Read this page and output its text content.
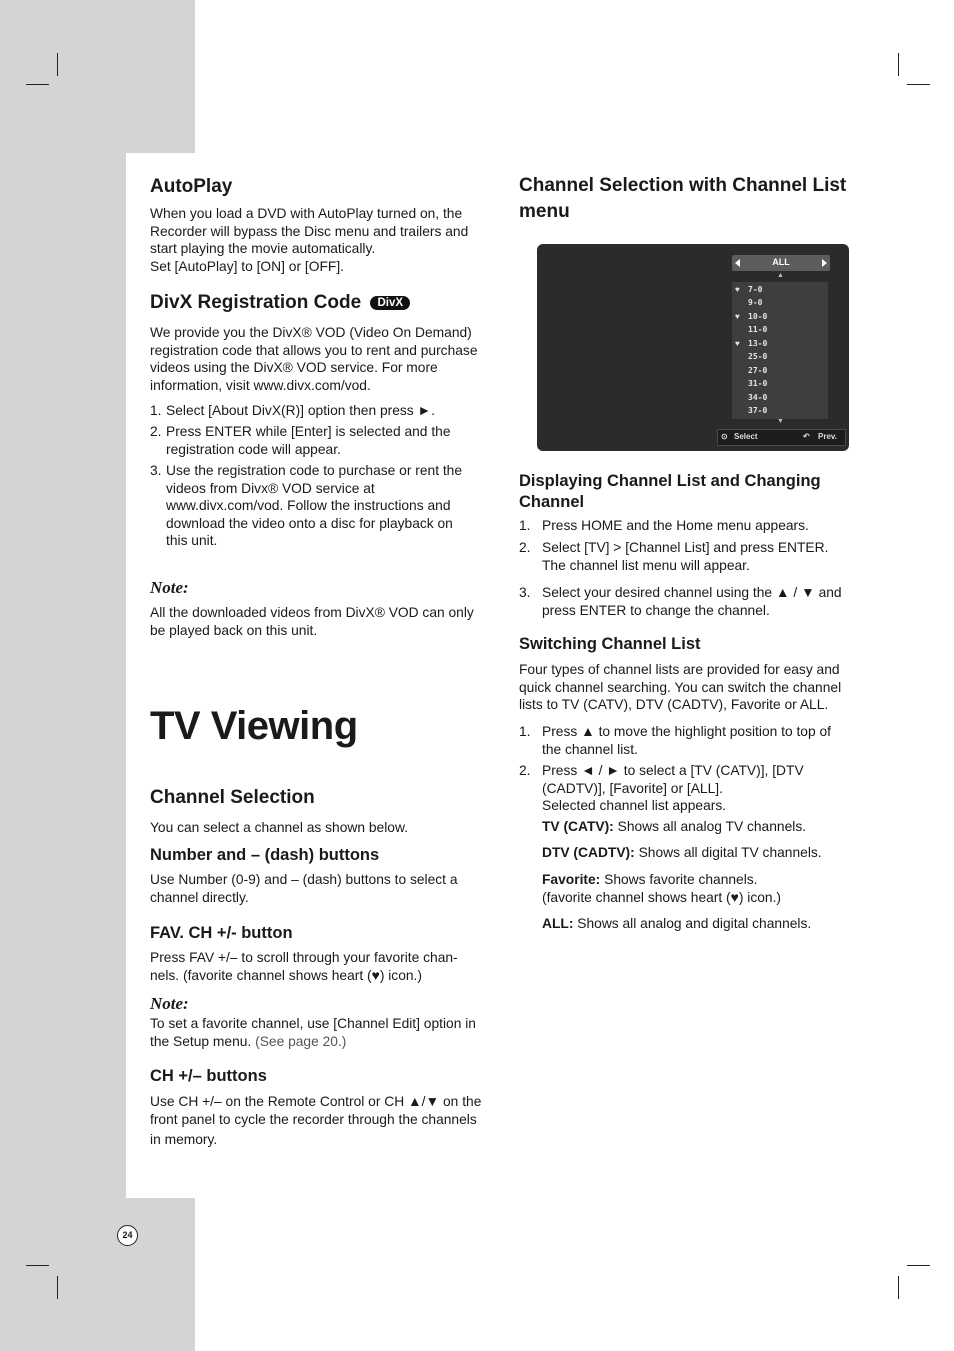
AutoPlay
When you load a DVD with AutoPlay turned on, the
Recorder will bypass the Disc menu and trailers and
start playing the movie automatically.
Set [AutoPlay] to [ON] or [OFF].
DivX Registration Code DivX
We provide you the DivX® VOD (Video On Demand)
registration code that allows you to rent and purchase
videos using the DivX® VOD service. For more
information, visit www.divx.com/vod.
1. Select [About DivX(R)] option then press ►.
2. Press ENTER while [Enter] is selected and the
registration code will appear.
3. Use the registration code to purchase or rent the
videos from Divx® VOD service at
www.divx.com/vod. Follow the instructions and
download the video onto a disc for playback on
this unit.
Note:
All the downloaded videos from DivX® VOD can only
be played back on this unit.
TV Viewing
Channel Selection
You can select a channel as shown below.
Number and – (dash) buttons
Use Number (0-9) and – (dash) buttons to select a
channel directly.
FAV. CH +/- button
Press FAV +/– to scroll through your favorite chan-
nels. (favorite channel shows heart (♥) icon.)
Note:
To set a favorite channel, use [Channel Edit] option in
the Setup menu. (See page 20.)
CH +/– buttons
Use CH +/– on the Remote Control or CH ▲/▼ on the
front panel to cycle the recorder through the channels
in memory.
Channel Selection with Channel List
menu
ALL
▲
♥ 7-0
9-0
♥ 10-0
11-0
♥ 13-0
25-0
27-0
31-0
34-0
37-0
▼
⊙ Select	↶ Prev.
Displaying Channel List and Changing
Channel
1. Press HOME and the Home menu appears.
2. Select [TV] > [Channel List] and press ENTER.
The channel list menu will appear.
3. Select your desired channel using the ▲ / ▼ and
press ENTER to change the channel.
Switching Channel List
Four types of channel lists are provided for easy and
quick channel searching. You can switch the channel
lists to TV (CATV), DTV (CADTV), Favorite or ALL.
1. Press ▲ to move the highlight position to top of
the channel list.
2. Press ◄ / ► to select a [TV (CATV)], [DTV
(CADTV)], [Favorite] or [ALL].
Selected channel list appears.
TV (CATV): Shows all analog TV channels.
DTV (CADTV): Shows all digital TV channels.
Favorite: Shows favorite channels.
(favorite channel shows heart (♥) icon.)
ALL: Shows all analog and digital channels.
24
